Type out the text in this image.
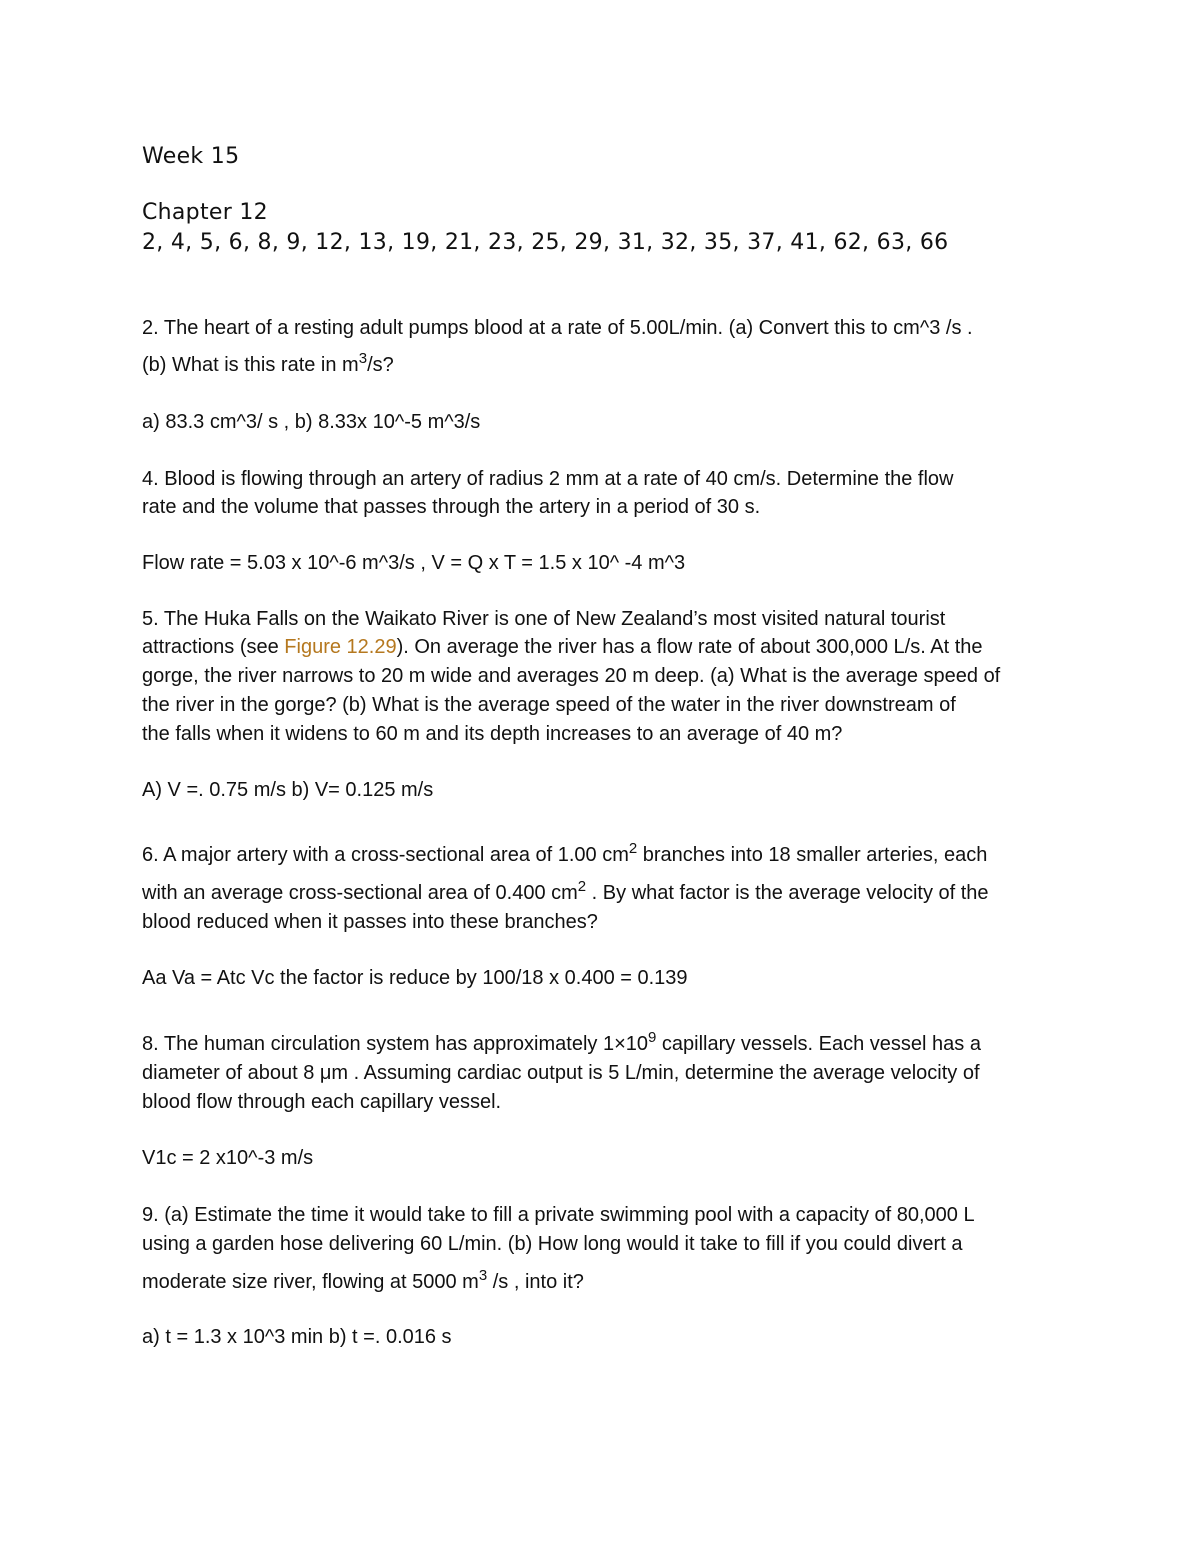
Week 15
Chapter 12
2, 4, 5, 6, 8, 9, 12, 13, 19, 21, 23, 25, 29, 31, 32, 35, 37, 41, 62, 63, 66
2. The heart of a resting adult pumps blood at a rate of 5.00L/min. (a) Convert this to cm^3 /s .
(b) What is this rate in $m^3/s$?
a) 83.3 cm^3/ s , b) 8.33x 10^-5 m^3/s
4. Blood is flowing through an artery of radius 2 mm at a rate of 40 cm/s. Determine the flow
rate and the volume that passes through the artery in a period of 30 s.
Flow rate = 5.03 x 10^-6 m^3/s , V = Q x T = 1.5 x 10^ -4 m^3
5. The Huka Falls on the Waikato River is one of New Zealand’s most visited natural tourist
attractions (see Figure 12.29). On average the river has a flow rate of about 300,000 L/s. At the
gorge, the river narrows to 20 m wide and averages 20 m deep. (a) What is the average speed of
the river in the gorge? (b) What is the average speed of the water in the river downstream of
the falls when it widens to 60 m and its depth increases to an average of 40 m?
A) V =. 0.75 m/s b) V= 0.125 m/s
6. A major artery with a cross-sectional area of 1.00 $cm^2$ branches into 18 smaller arteries, each
with an average cross-sectional area of 0.400 $cm^2$ . By what factor is the average velocity of the
blood reduced when it passes into these branches?
Aa Va = Atc Vc the factor is reduce by 100/18 x 0.400 = 0.139
8. The human circulation system has approximately $1\times 10^9$ capillary vessels. Each vessel has a
diameter of about 8 μm . Assuming cardiac output is 5 L/min, determine the average velocity of
blood flow through each capillary vessel.
V1c = 2 x10^-3 m/s
9. (a) Estimate the time it would take to fill a private swimming pool with a capacity of 80,000 L
using a garden hose delivering 60 L/min. (b) How long would it take to fill if you could divert a
moderate size river, flowing at 5000 $m^3$ /s , into it?
a) t = 1.3 x 10^3 min b) t =. 0.016 s
